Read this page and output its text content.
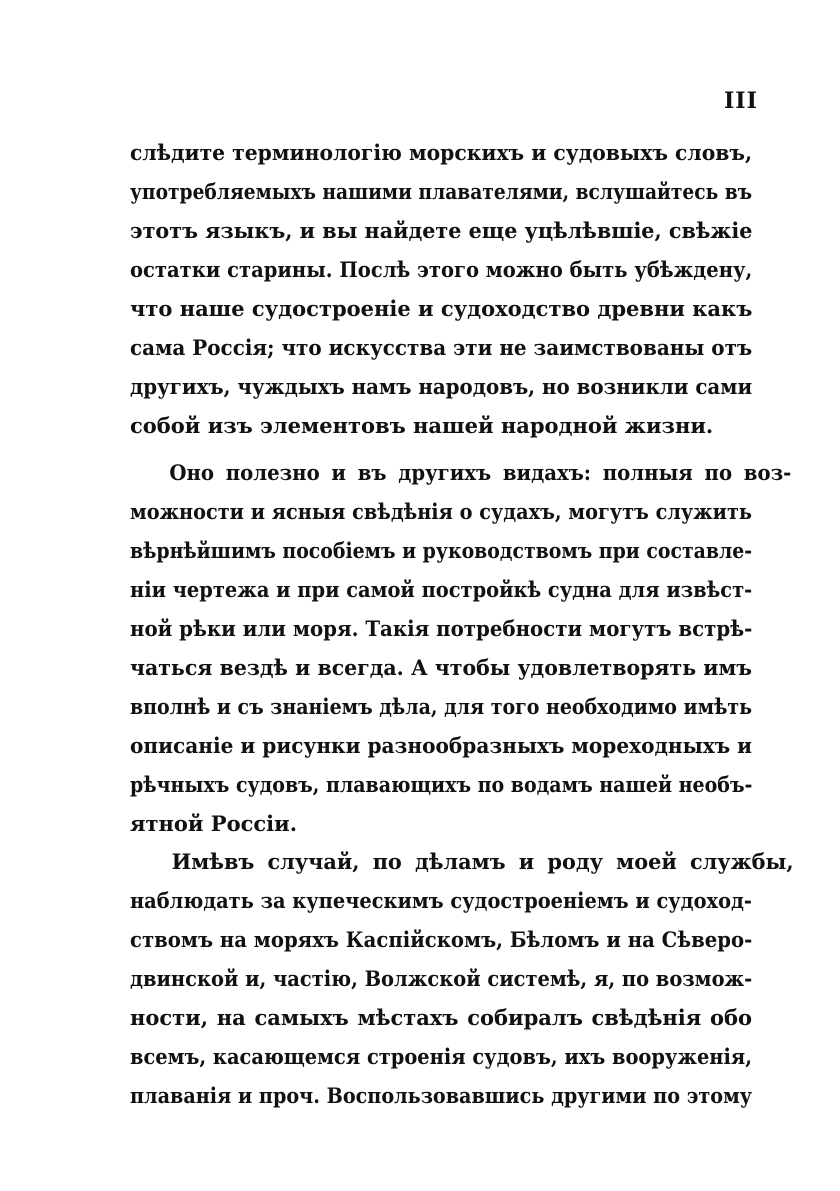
III
слѣдите терминологію морскихъ и судовыхъ словъ,
употребляемыхъ нашими плавателями, вслушайтесь въ
этотъ языкъ, и вы найдете еще уцѣлѣвшіе, свѣжіе
остатки старины. Послѣ этого можно быть убѣждену,
что наше судостроеніе и судоходство древни какъ
сама Россія; что искусства эти не заимствованы отъ
другихъ, чуждыхъ намъ народовъ, но возникли сами
собой изъ элементовъ нашей народной жизни.
Оно полезно и въ другихъ видахъ: полныя по воз-
можности и ясныя свѣдѣнія о судахъ, могутъ служить
вѣрнѣйшимъ пособіемъ и руководствомъ при составле-
ніи чертежа и при самой постройкѣ судна для извѣст-
ной рѣки или моря. Такія потребности могутъ встрѣ-
чаться вездѣ и всегда. А чтобы удовлетворять имъ
вполнѣ и съ знаніемъ дѣла, для того необходимо имѣть
описаніе и рисунки разнообразныхъ мореходныхъ и
рѣчныхъ судовъ, плавающихъ по водамъ нашей необъ-
ятной Россіи.
Имѣвъ случай, по дѣламъ и роду моей службы,
наблюдать за купеческимъ судостроеніемъ и судоход-
ствомъ на моряхъ Каспійскомъ, Бѣломъ и на Сѣверо-
двинской и, частію, Волжской системѣ, я, по возмож-
ности, на самыхъ мѣстахъ собиралъ свѣдѣнія обо
всемъ, касающемся строенія судовъ, ихъ вооруженія,
плаванія и проч. Воспользовавшись другими по этому
